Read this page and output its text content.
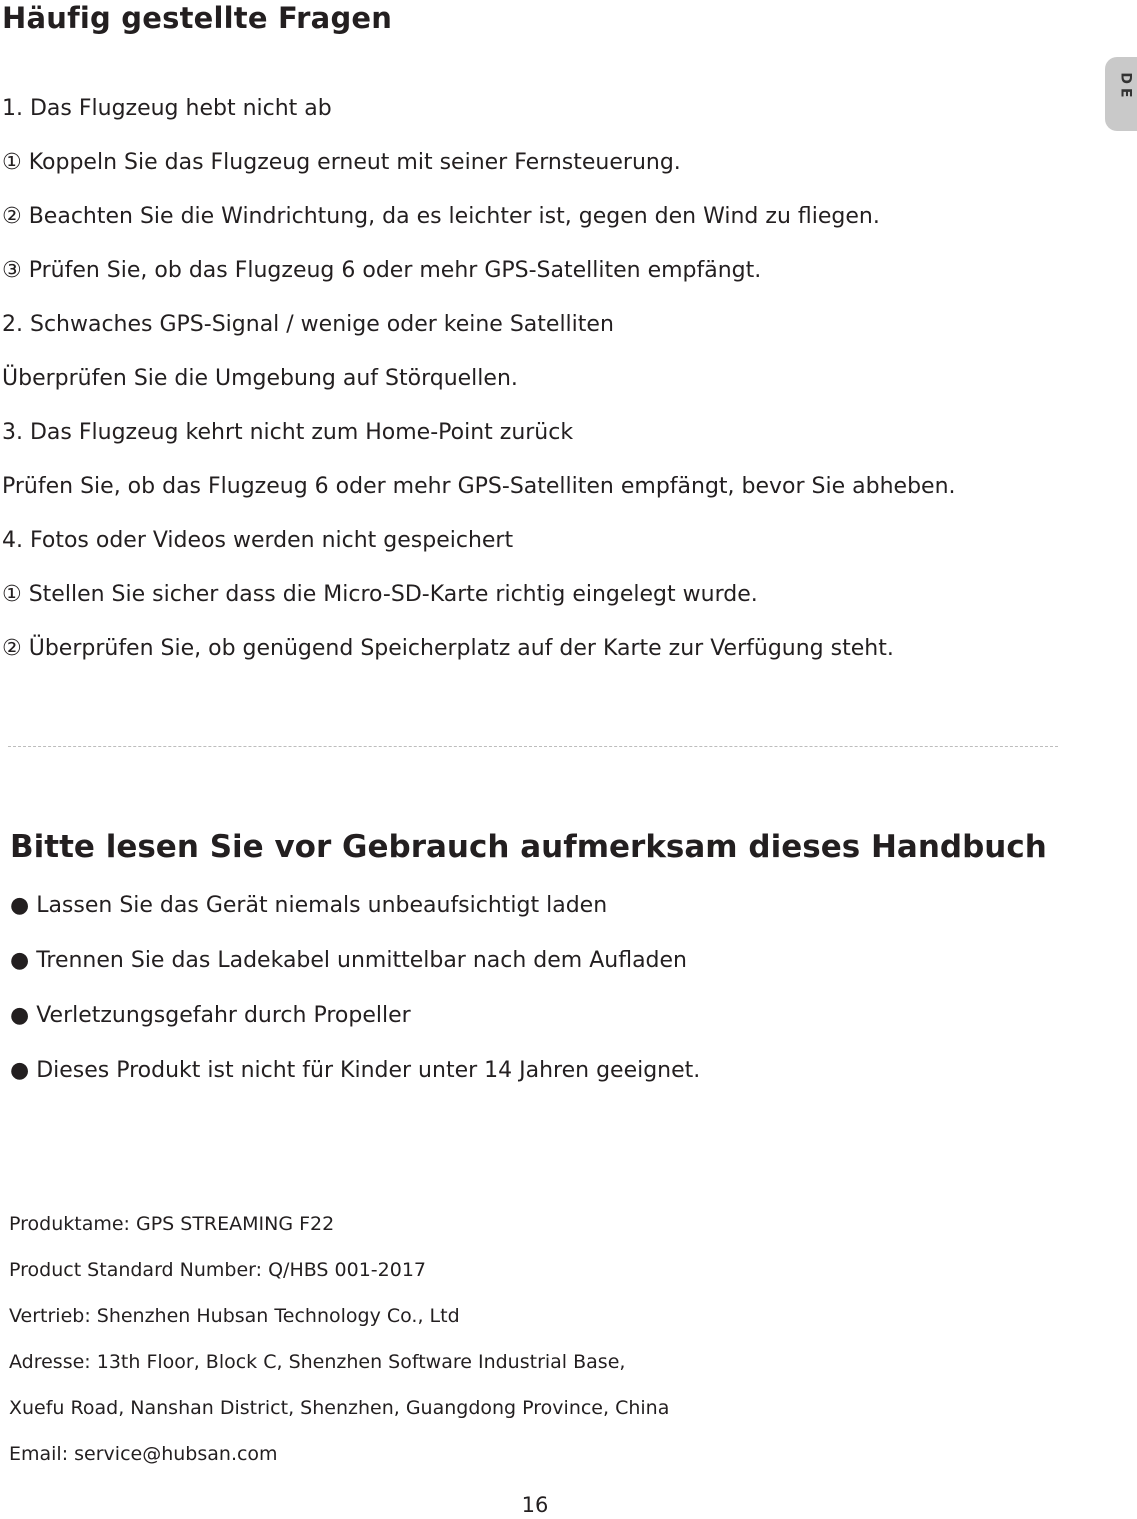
Häufig gestellte Fragen
DE
1. Das Flugzeug hebt nicht ab
① Koppeln Sie das Flugzeug erneut mit seiner Fernsteuerung.
② Beachten Sie die Windrichtung, da es leichter ist, gegen den Wind zu fliegen.
③ Prüfen Sie, ob das Flugzeug 6 oder mehr GPS-Satelliten empfängt.
2. Schwaches GPS-Signal / wenige oder keine Satelliten
Überprüfen Sie die Umgebung auf Störquellen.
3. Das Flugzeug kehrt nicht zum Home-Point zurück
Prüfen Sie, ob das Flugzeug 6 oder mehr GPS-Satelliten empfängt, bevor Sie abheben.
4. Fotos oder Videos werden nicht gespeichert
① Stellen Sie sicher dass die Micro-SD-Karte richtig eingelegt wurde.
② Überprüfen Sie, ob genügend Speicherplatz auf der Karte zur Verfügung steht.
Bitte lesen Sie vor Gebrauch aufmerksam dieses Handbuch
● Lassen Sie das Gerät niemals unbeaufsichtigt laden
● Trennen Sie das Ladekabel unmittelbar nach dem Aufladen
● Verletzungsgefahr durch Propeller
● Dieses Produkt ist nicht für Kinder unter 14 Jahren geeignet.
Produktame: GPS STREAMING F22
Product Standard Number: Q/HBS 001-2017
Vertrieb: Shenzhen Hubsan Technology Co., Ltd
Adresse: 13th Floor, Block C, Shenzhen Software Industrial Base,
Xuefu Road, Nanshan District, Shenzhen, Guangdong Province, China
Email: service@hubsan.com
16
